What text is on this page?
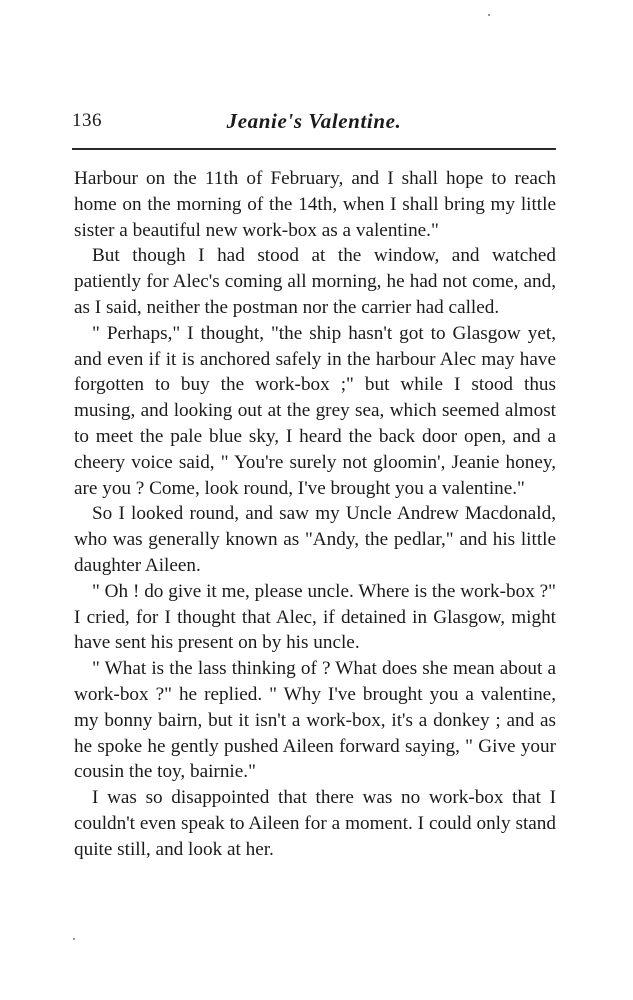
136	Jeanie's Valentine.

Harbour on the 11th of February, and I shall hope to reach home on the morning of the 14th, when I shall bring my little sister a beautiful new work-box as a valentine."

But though I had stood at the window, and watched patiently for Alec's coming all morning, he had not come, and, as I said, neither the postman nor the carrier had called.

" Perhaps," I thought, "the ship hasn't got to Glasgow yet, and even if it is anchored safely in the harbour Alec may have forgotten to buy the work-box ;" but while I stood thus musing, and looking out at the grey sea, which seemed almost to meet the pale blue sky, I heard the back door open, and a cheery voice said, " You're surely not gloomin', Jeanie honey, are you ? Come, look round, I've brought you a valentine."

So I looked round, and saw my Uncle Andrew Macdonald, who was generally known as "Andy, the pedlar," and his little daughter Aileen.

" Oh ! do give it me, please uncle. Where is the work-box ?" I cried, for I thought that Alec, if detained in Glasgow, might have sent his present on by his uncle.

" What is the lass thinking of ? What does she mean about a work-box ?" he replied. " Why I've brought you a valentine, my bonny bairn, but it isn't a work-box, it's a donkey ; and as he spoke he gently pushed Aileen forward saying, " Give your cousin the toy, bairnie."

I was so disappointed that there was no work-box that I couldn't even speak to Aileen for a moment. I could only stand quite still, and look at her.
